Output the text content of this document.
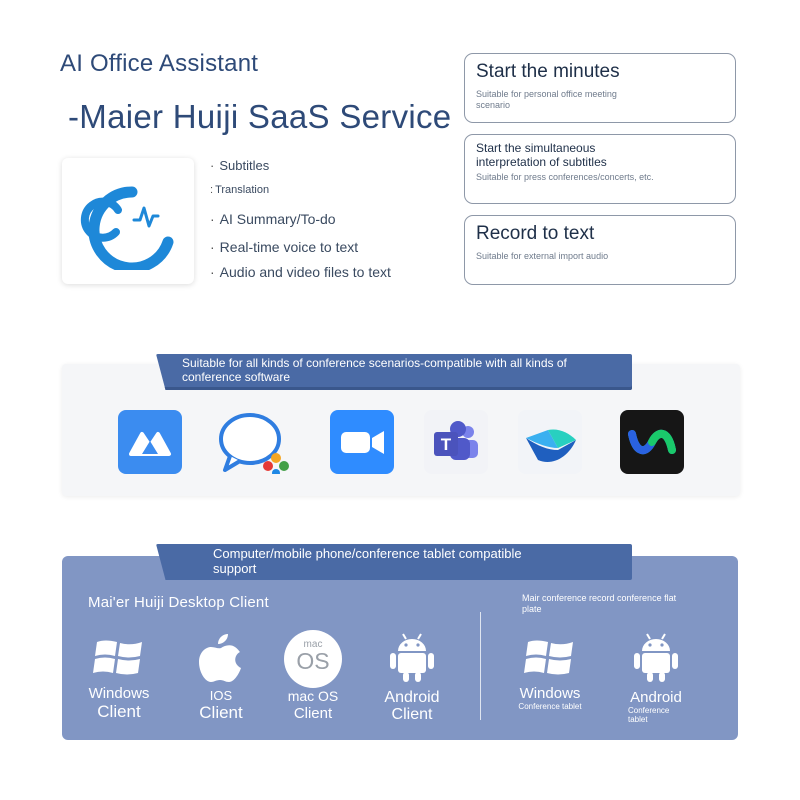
AI Office Assistant
-Maier Huiji SaaS Service
· Subtitles
: Translation
· AI Summary/To-do
· Real-time voice to text
· Audio and video files to text
Start the minutes
Suitable for personal office meeting scenario
Start the simultaneous
interpretation of subtitles
Suitable for press conferences/concerts, etc.
Record to text
Suitable for external import audio
Suitable for all kinds of conference scenarios-compatible with all kinds of conference software
T
Computer/mobile phone/conference tablet compatible
support
Mai'er Huiji Desktop Client	Mair conference record conference flat plate
Windows
Client
IOS
Client
mac
OS
mac OS
Client
Android
Client
Windows
Conference tablet
Android
Conference
tablet
